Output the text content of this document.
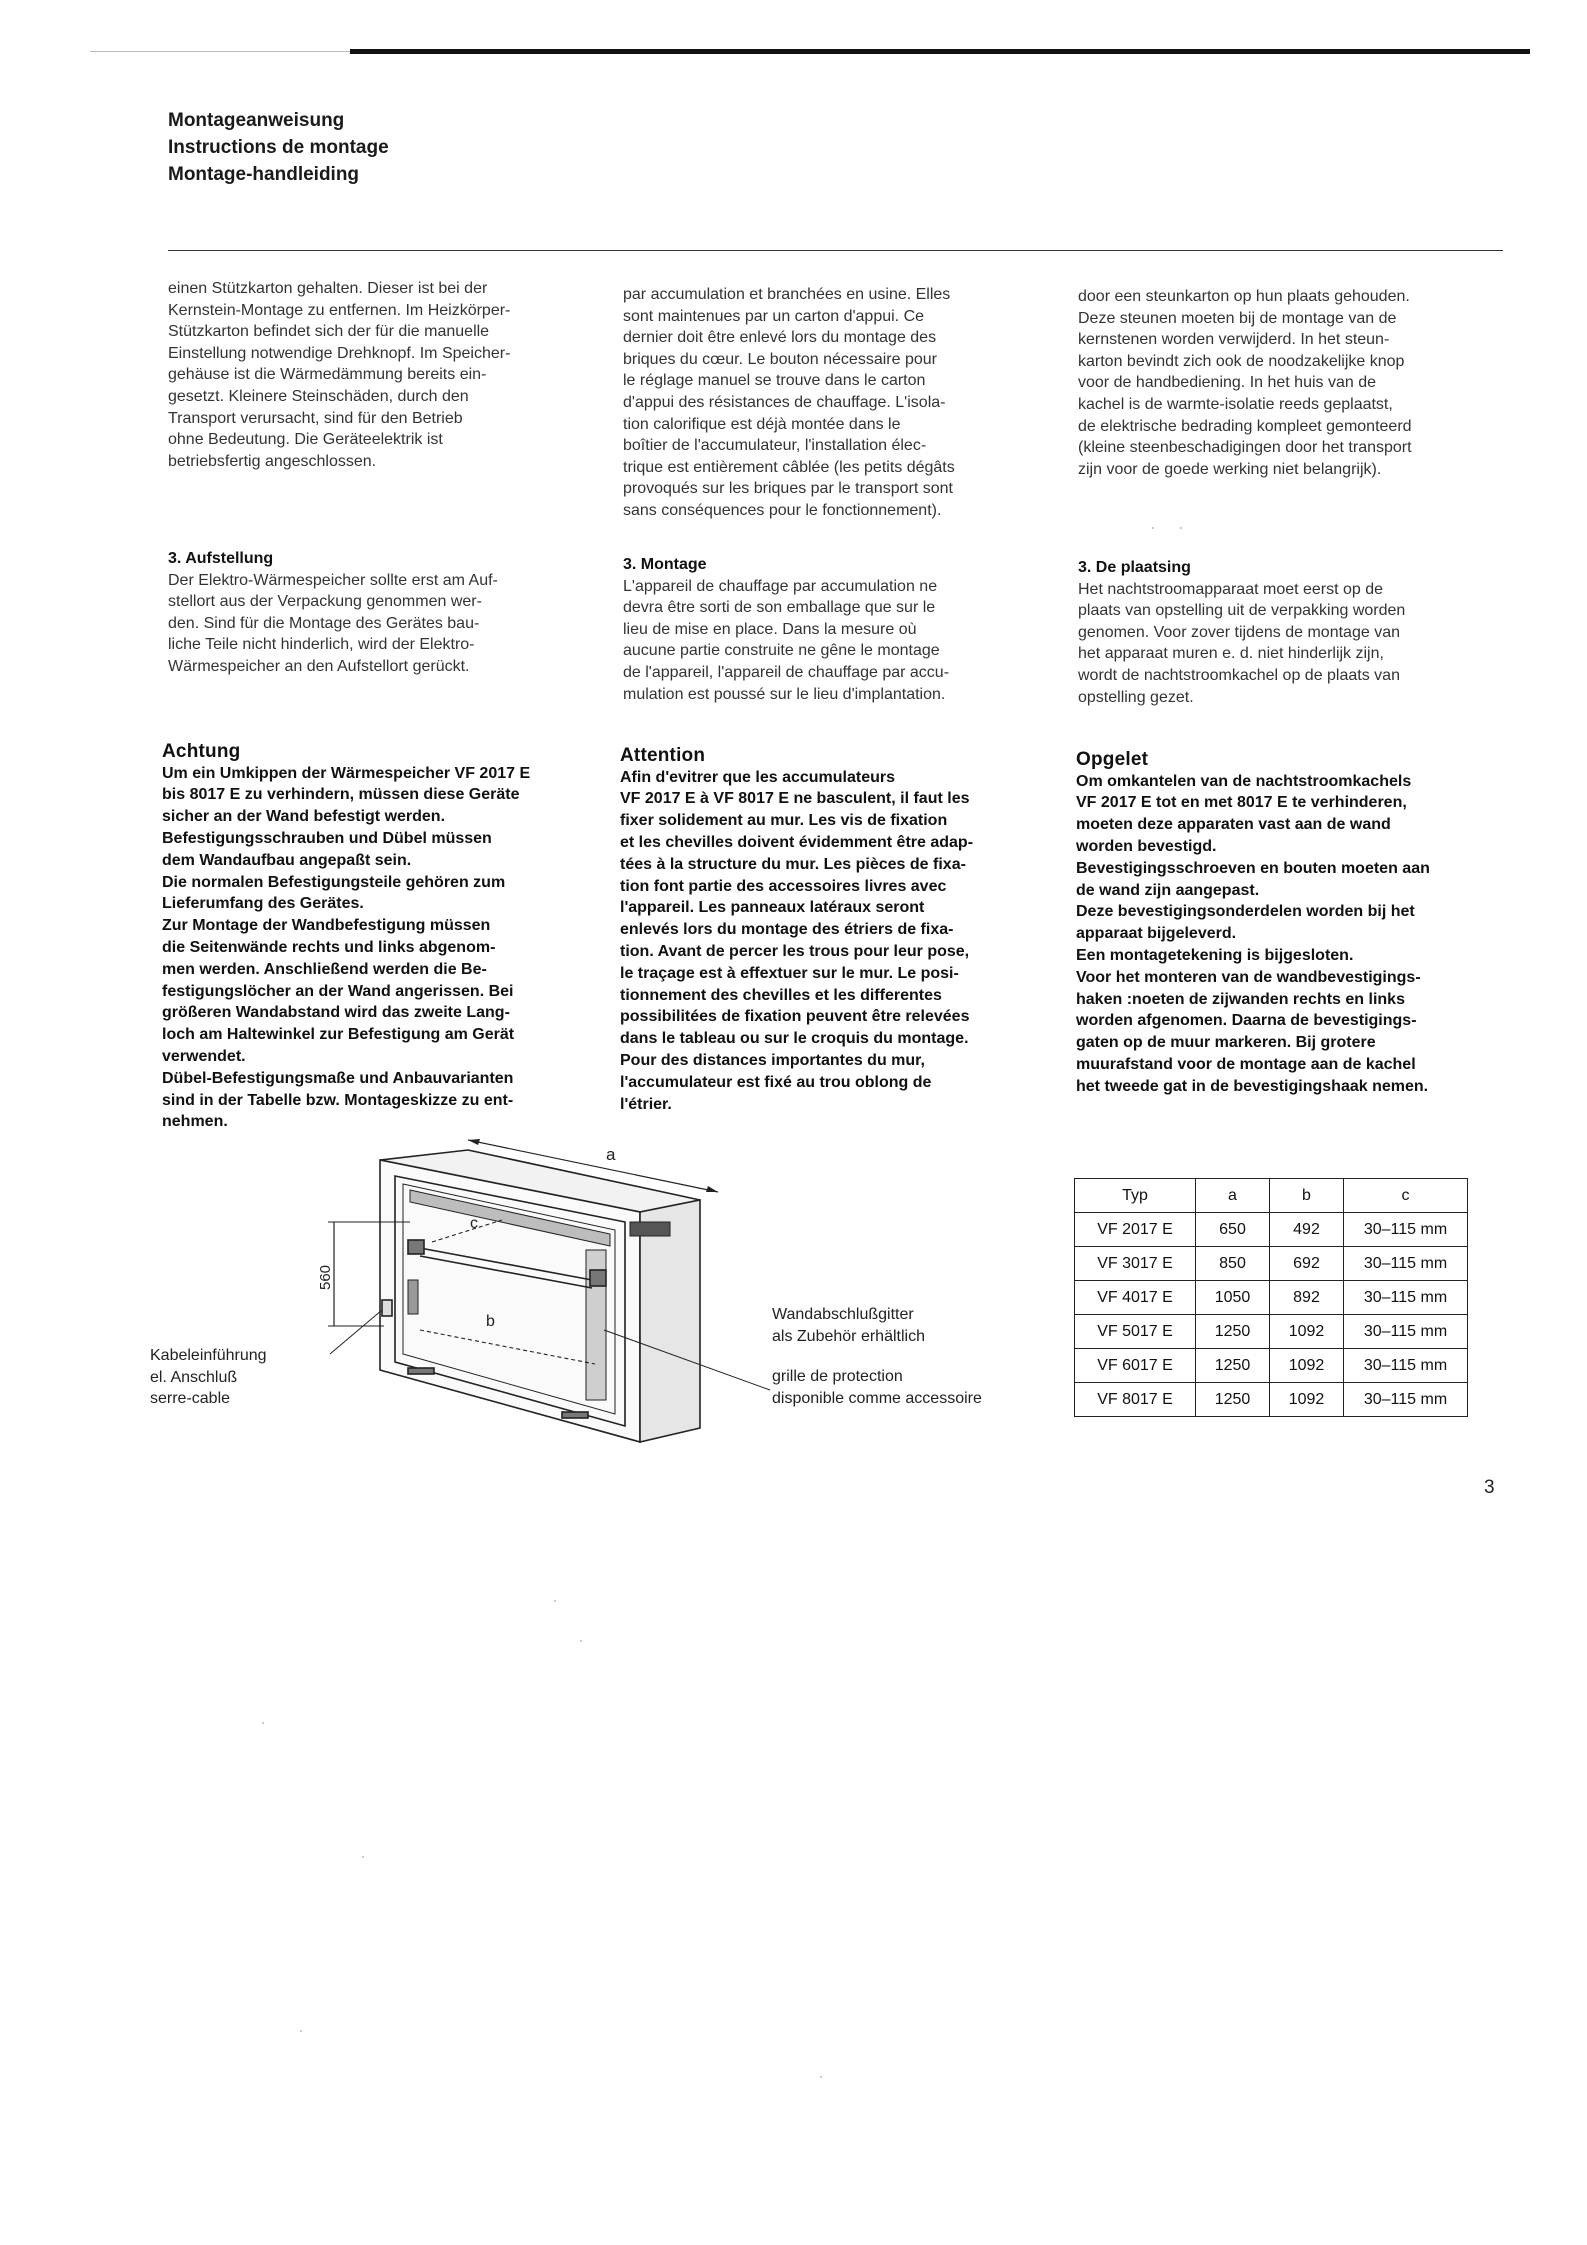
Montageanweisung
Instructions de montage
Montage-handleiding

einen Stützkarton gehalten. Dieser ist bei der
Kernstein-Montage zu entfernen. Im Heizkörper-
Stützkarton befindet sich der für die manuelle
Einstellung notwendige Drehknopf. Im Speicher-
gehäuse ist die Wärmedämmung bereits ein-
gesetzt. Kleinere Steinschäden, durch den
Transport verursacht, sind für den Betrieb
ohne Bedeutung. Die Geräteelektrik ist
betriebsfertig angeschlossen.

3. Aufstellung

Der Elektro-Wärmespeicher sollte erst am Auf-
stellort aus der Verpackung genommen wer-
den. Sind für die Montage des Gerätes bau-
liche Teile nicht hinderlich, wird der Elektro-
Wärmespeicher an den Aufstellort gerückt.

Achtung

Um ein Umkippen der Wärmespeicher VF 2017 E
bis 8017 E zu verhindern, müssen diese Geräte
sicher an der Wand befestigt werden.
Befestigungsschrauben und Dübel müssen
dem Wandaufbau angepaßt sein.
Die normalen Befestigungsteile gehören zum
Lieferumfang des Gerätes.
Zur Montage der Wandbefestigung müssen
die Seitenwände rechts und links abgenom-
men werden. Anschließend werden die Be-
festigungslöcher an der Wand angerissen. Bei
größeren Wandabstand wird das zweite Lang-
loch am Haltewinkel zur Befestigung am Gerät
verwendet.
Dübel-Befestigungsmaße und Anbauvarianten
sind in der Tabelle bzw. Montageskizze zu ent-
nehmen.

par accumulation et branchées en usine. Elles
sont maintenues par un carton d'appui. Ce
dernier doit être enlevé lors du montage des
briques du cœur. Le bouton nécessaire pour
le réglage manuel se trouve dans le carton
d'appui des résistances de chauffage. L'isola-
tion calorifique est déjà montée dans le
boîtier de l'accumulateur, l'installation élec-
trique est entièrement câblée (les petits dégâts
provoqués sur les briques par le transport sont
sans conséquences pour le fonctionnement).

3. Montage

L'appareil de chauffage par accumulation ne
devra être sorti de son emballage que sur le
lieu de mise en place. Dans la mesure où
aucune partie construite ne gêne le montage
de l'appareil, l'appareil de chauffage par accu-
mulation est poussé sur le lieu d'implantation.

Attention

Afin d'evitrer que les accumulateurs
VF 2017 E à VF 8017 E ne basculent, il faut les
fixer solidement au mur. Les vis de fixation
et les chevilles doivent évidemment être adap-
tées à la structure du mur. Les pièces de fixa-
tion font partie des accessoires livres avec
l'appareil. Les panneaux latéraux seront
enlevés lors du montage des étriers de fixa-
tion. Avant de percer les trous pour leur pose,
le traçage est à effextuer sur le mur. Le posi-
tionnement des chevilles et les differentes
possibilitées de fixation peuvent être relevées
dans le tableau ou sur le croquis du montage.
Pour des distances importantes du mur,
l'accumulateur est fixé au trou oblong de
l'étrier.

door een steunkarton op hun plaats gehouden.
Deze steunen moeten bij de montage van de
kernstenen worden verwijderd. In het steun-
karton bevindt zich ook de noodzakelijke knop
voor de handbediening. In het huis van de
kachel is de warmte-isolatie reeds geplaatst,
de elektrische bedrading kompleet gemonteerd
(kleine steenbeschadigingen door het transport
zijn voor de goede werking niet belangrijk).

3. De plaatsing

Het nachtstroomapparaat moet eerst op de
plaats van opstelling uit de verpakking worden
genomen. Voor zover tijdens de montage van
het apparaat muren e. d. niet hinderlijk zijn,
wordt de nachtstroomkachel op de plaats van
opstelling gezet.

Opgelet

Om omkantelen van de nachtstroomkachels
VF 2017 E tot en met 8017 E te verhinderen,
moeten deze apparaten vast aan de wand
worden bevestigd.
Bevestigingsschroeven en bouten moeten aan
de wand zijn aangepast.
Deze bevestigingsonderdelen worden bij het
apparaat bijgeleverd.
Een montagetekening is bijgesloten.
Voor het monteren van de wandbevestigings-
haken :noeten de zijwanden rechts en links
worden afgenomen. Daarna de bevestigings-
gaten op de muur markeren. Bij grotere
muurafstand voor de montage aan de kachel
het tweede gat in de bevestigingshaak nemen.

a
b
c
560
Kabeleinführung
el. Anschluß
serre-cable
Wandabschlußgitter
als Zubehör erhältlich
grille de protection
disponible comme accessoire
Typ	a	b	c
VF 2017 E	650	492	30–115 mm
VF 3017 E	850	692	30–115 mm
VF 4017 E	1050	892	30–115 mm
VF 5017 E	1250	1092	30–115 mm
VF 6017 E	1250	1092	30–115 mm
VF 8017 E	1250	1092	30–115 mm
3
